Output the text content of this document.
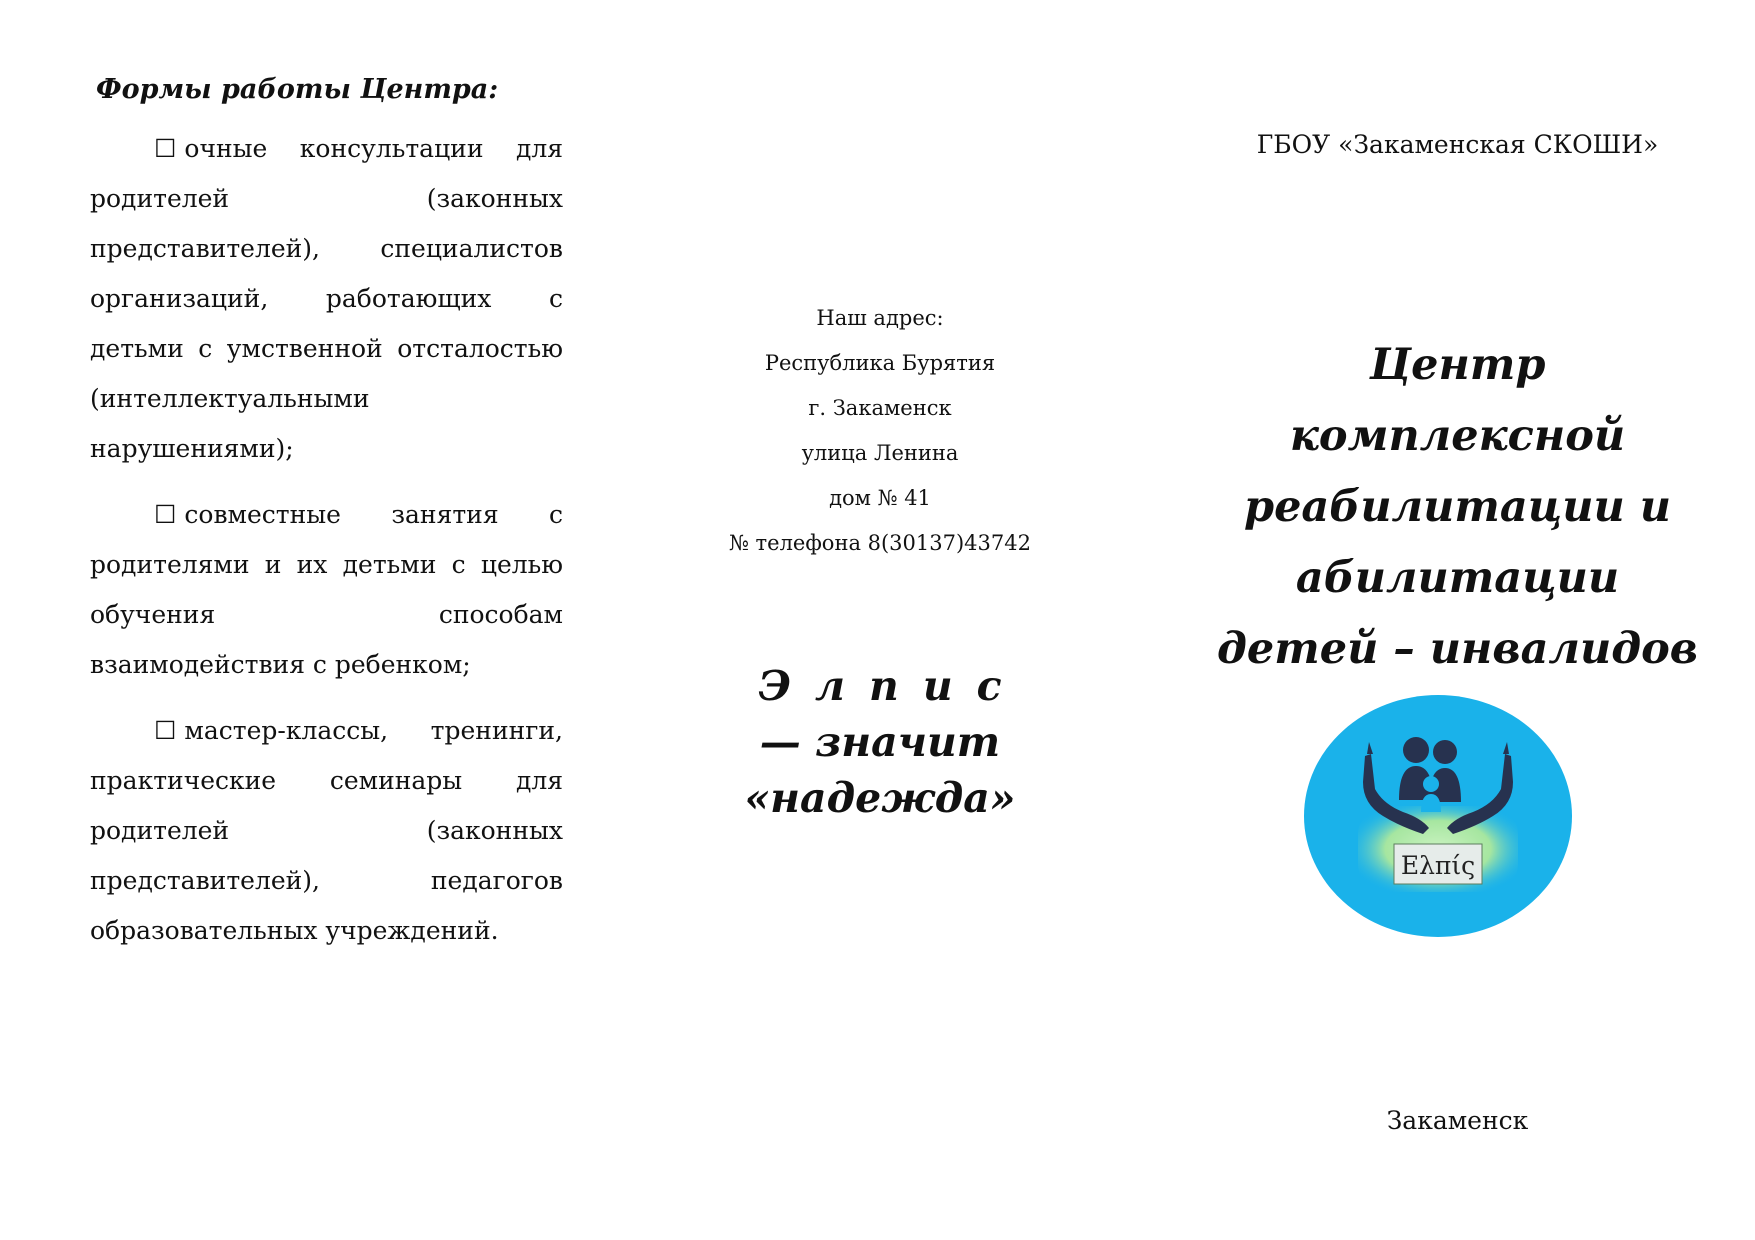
Формы работы Центра:
☐ очные консультации для родителей (законных представителей), специалистов организаций, работающих с детьми с умственной отсталостью (интеллектуальными нарушениями);
☐ совместные занятия с родителями и их детьми с целью обучения способам взаимодействия с ребенком;
☐ мастер-классы, тренинги, практические семинары для родителей (законных представителей), педагогов образовательных учреждений.
Наш адрес:
Республика Бурятия
г. Закаменск
улица Ленина
дом № 41
№ телефона 8(30137)43742
Элпис
— значит
«надежда»
ГБОУ «Закаменская СКОШИ»
Центр
комплексной
реабилитации и
абилитации
детей – инвалидов
Ελπίς
Закаменск
